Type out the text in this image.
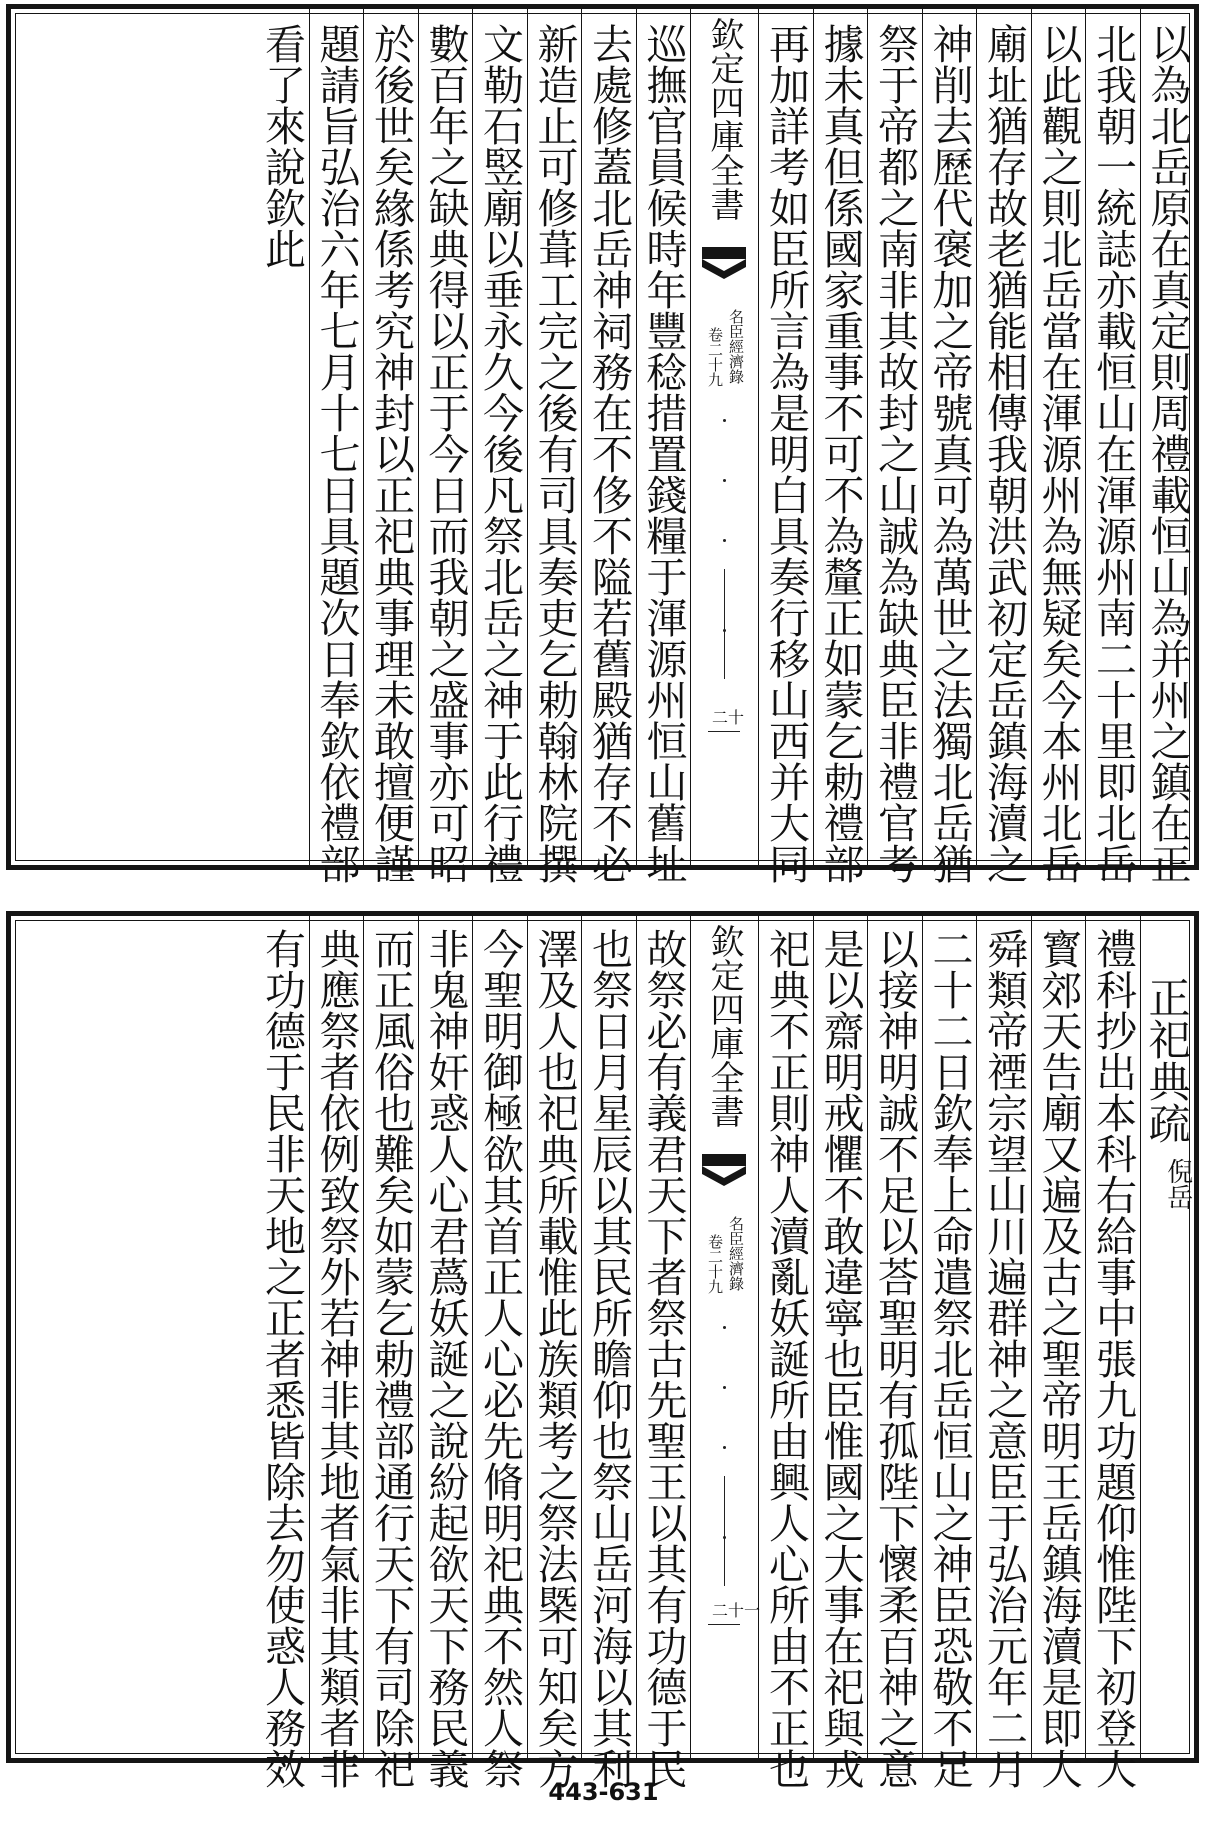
以為北岳原在真定則周禮載恒山為并州之鎮在正
北我朝一統誌亦載恒山在渾源州南二十里即北岳
以此觀之則北岳當在渾源州為無疑矣今本州北岳
廟址猶存故老猶能相傳我朝洪武初定岳鎮海瀆之
神削去歷代褒加之帝號真可為萬世之法獨北岳猶
祭于帝都之南非其故封之山誠為缺典臣非禮官考
據未真但係國家重事不可不為釐正如蒙乞勅禮部
再加詳考如臣所言為是明白具奏行移山西并大同
欽定四庫全書
名臣經濟錄
卷二十九
二十
巡撫官員候時年豐稔措置錢糧于渾源州恒山舊址
去處修蓋北岳神祠務在不侈不隘若舊殿猶存不必
新造止可修葺工完之後有司具奏吏乞勅翰林院撰
文勒石竪廟以垂永久今後凡祭北岳之神于此行禮
數百年之缺典得以正于今日而我朝之盛事亦可昭
於後世矣緣係考究神封以正祀典事理未敢擅便謹
題請旨弘治六年七月十七日具題次日奉欽依禮部
看了來說欽此
正祀典疏
倪岳
禮科抄出本科右給事中張九功題仰惟陛下初登大
寳郊天告廟又遍及古之聖帝明王岳鎮海瀆是即大
舜類帝禋宗望山川遍群神之意臣于弘治元年二月
二十二日欽奉上命遣祭北岳恒山之神臣恐敬不足
以接神明誠不足以荅聖明有孤陛下懷柔百神之意
是以齋明戒懼不敢違寧也臣惟國之大事在祀與戎
祀典不正則神人瀆亂妖誕所由興人心所由不正也
欽定四庫全書
名臣經濟錄
卷二十九
二十一
故祭必有義君天下者祭古先聖王以其有功德于民
也祭日月星辰以其民所瞻仰也祭山岳河海以其利
澤及人也祀典所載惟此族類考之祭法槩可知矣方
今聖明御極欲其首正人心必先脩明祀典不然人祭
非鬼神奸惑人心君蔿妖誕之說紛起欲天下務民義
而正風俗也難矣如蒙乞勅禮部通行天下有司除祀
典應祭者依例致祭外若神非其地者氣非其類者非
有功德于民非天地之正者悉皆除去勿使惑人務效
443-631
